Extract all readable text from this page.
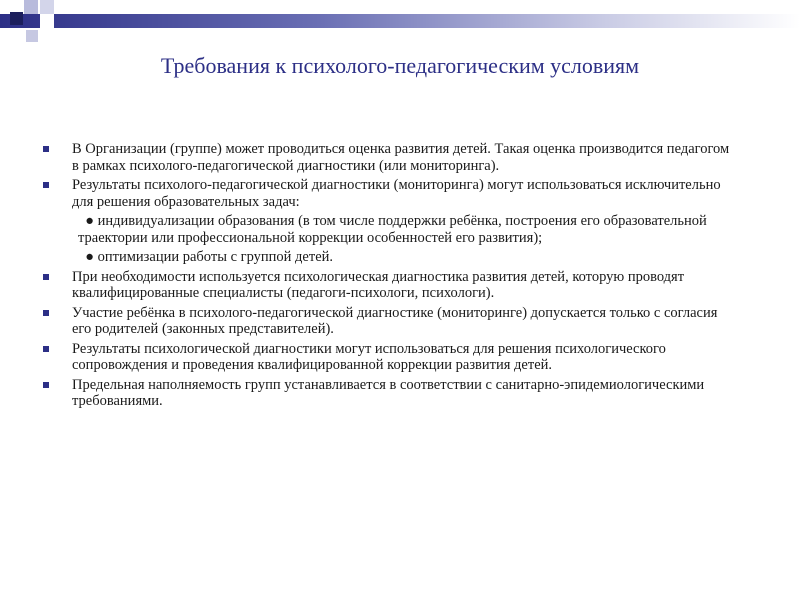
Требования к психолого-педагогическим условиям
В Организации (группе) может проводиться оценка развития детей. Такая оценка производится педагогом в рамках психолого-педагогической диагностики (или мониторинга).
Результаты психолого-педагогической диагностики (мониторинга) могут использоваться исключительно для решения образовательных задач:
● индивидуализации образования (в том числе поддержки ребёнка, построения его образовательной траектории или профессиональной коррекции особенностей его развития);
● оптимизации работы с группой детей.
При необходимости используется психологическая диагностика развития детей, которую проводят квалифицированные специалисты (педагоги-психологи, психологи).
Участие ребёнка в психолого-педагогической диагностике (мониторинге) допускается только с согласия его родителей (законных представителей).
Результаты психологической диагностики могут использоваться для решения психологического сопровождения и проведения квалифицированной коррекции развития детей.
Предельная наполняемость групп устанавливается в соответствии с санитарно-эпидемиологическими требованиями.
